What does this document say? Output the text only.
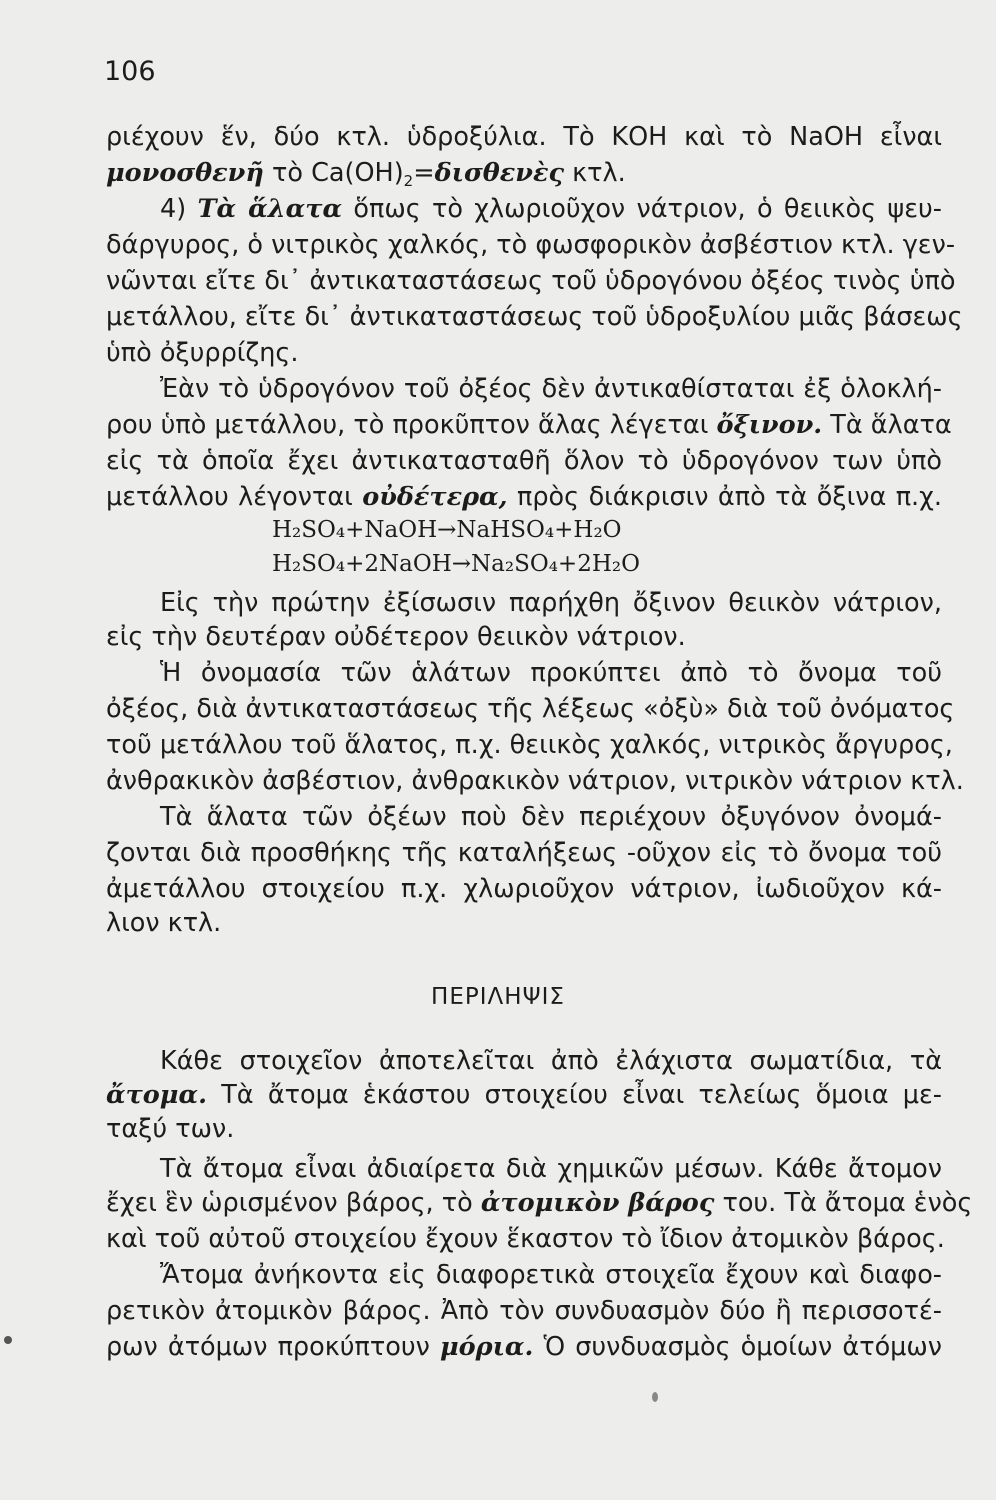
106
ριέχουν ἕν, δύο κτλ. ὑδροξύλια. Τὸ ΚΟΗ καὶ τὸ NaOH εἶναι
μονοσθενῆ τὸ Ca(OH)2=δισθενὲς κτλ.
4) Τὰ ἅλατα ὅπως τὸ χλωριοῦχον νάτριον, ὁ θειικὸς ψευ-
δάργυρος, ὁ νιτρικὸς χαλκός, τὸ φωσφορικὸν ἀσβέστιον κτλ. γεν-
νῶνται εἴτε δι᾽ ἀντικαταστάσεως τοῦ ὑδρογόνου ὀξέος τινὸς ὑπὸ
μετάλλου, εἴτε δι᾽ ἀντικαταστάσεως τοῦ ὑδροξυλίου μιᾶς βάσεως
ὑπὸ ὀξυρρίζης.
Ἐὰν τὸ ὑδρογόνον τοῦ ὀξέος δὲν ἀντικαθίσταται ἐξ ὁλοκλή-
ρου ὑπὸ μετάλλου, τὸ προκῦπτον ἅλας λέγεται ὄξινον. Τὰ ἅλατα
εἰς τὰ ὁποῖα ἔχει ἀντικατασταθῆ ὅλον τὸ ὑδρογόνον των ὑπὸ
μετάλλου λέγονται οὐδέτερα, πρὸς διάκρισιν ἀπὸ τὰ ὄξινα π.χ.
H₂SO₄+NaOH→NaHSO₄+H₂O
H₂SO₄+2NaOH→Na₂SO₄+2H₂O
Εἰς τὴν πρώτην ἐξίσωσιν παρήχθη ὄξινον θειικὸν νάτριον,
εἰς τὴν δευτέραν οὐδέτερον θειικὸν νάτριον.
Ἡ ὀνομασία τῶν ἁλάτων προκύπτει ἀπὸ τὸ ὄνομα τοῦ
ὀξέος, διὰ ἀντικαταστάσεως τῆς λέξεως «ὀξὺ» διὰ τοῦ ὀνόματος
τοῦ μετάλλου τοῦ ἅλατος, π.χ. θειικὸς χαλκός, νιτρικὸς ἄργυρος,
ἀνθρακικὸν ἀσβέστιον, ἀνθρακικὸν νάτριον, νιτρικὸν νάτριον κτλ.
Τὰ ἅλατα τῶν ὀξέων ποὺ δὲν περιέχουν ὀξυγόνον ὀνομά-
ζονται διὰ προσθήκης τῆς καταλήξεως -οῦχον εἰς τὸ ὄνομα τοῦ
ἀμετάλλου στοιχείου π.χ. χλωριοῦχον νάτριον, ἰωδιοῦχον κά-
λιον κτλ.
ΠΕΡΙΛΗΨΙΣ
Κάθε στοιχεῖον ἀποτελεῖται ἀπὸ ἐλάχιστα σωματίδια, τὰ
ἄτομα. Τὰ ἄτομα ἑκάστου στοιχείου εἶναι τελείως ὅμοια με-
ταξύ των.
Τὰ ἄτομα εἶναι ἀδιαίρετα διὰ χημικῶν μέσων. Κάθε ἄτομον
ἔχει ἓν ὡρισμένον βάρος, τὸ ἀτομικὸν βάρος του. Τὰ ἄτομα ἑνὸς
καὶ τοῦ αὐτοῦ στοιχείου ἔχουν ἕκαστον τὸ ἴδιον ἀτομικὸν βάρος.
Ἄτομα ἀνήκοντα εἰς διαφορετικὰ στοιχεῖα ἔχουν καὶ διαφο-
ρετικὸν ἀτομικὸν βάρος. Ἀπὸ τὸν συνδυασμὸν δύο ἢ περισσοτέ-
ρων ἀτόμων προκύπτουν μόρια. Ὁ συνδυασμὸς ὁμοίων ἀτόμων
